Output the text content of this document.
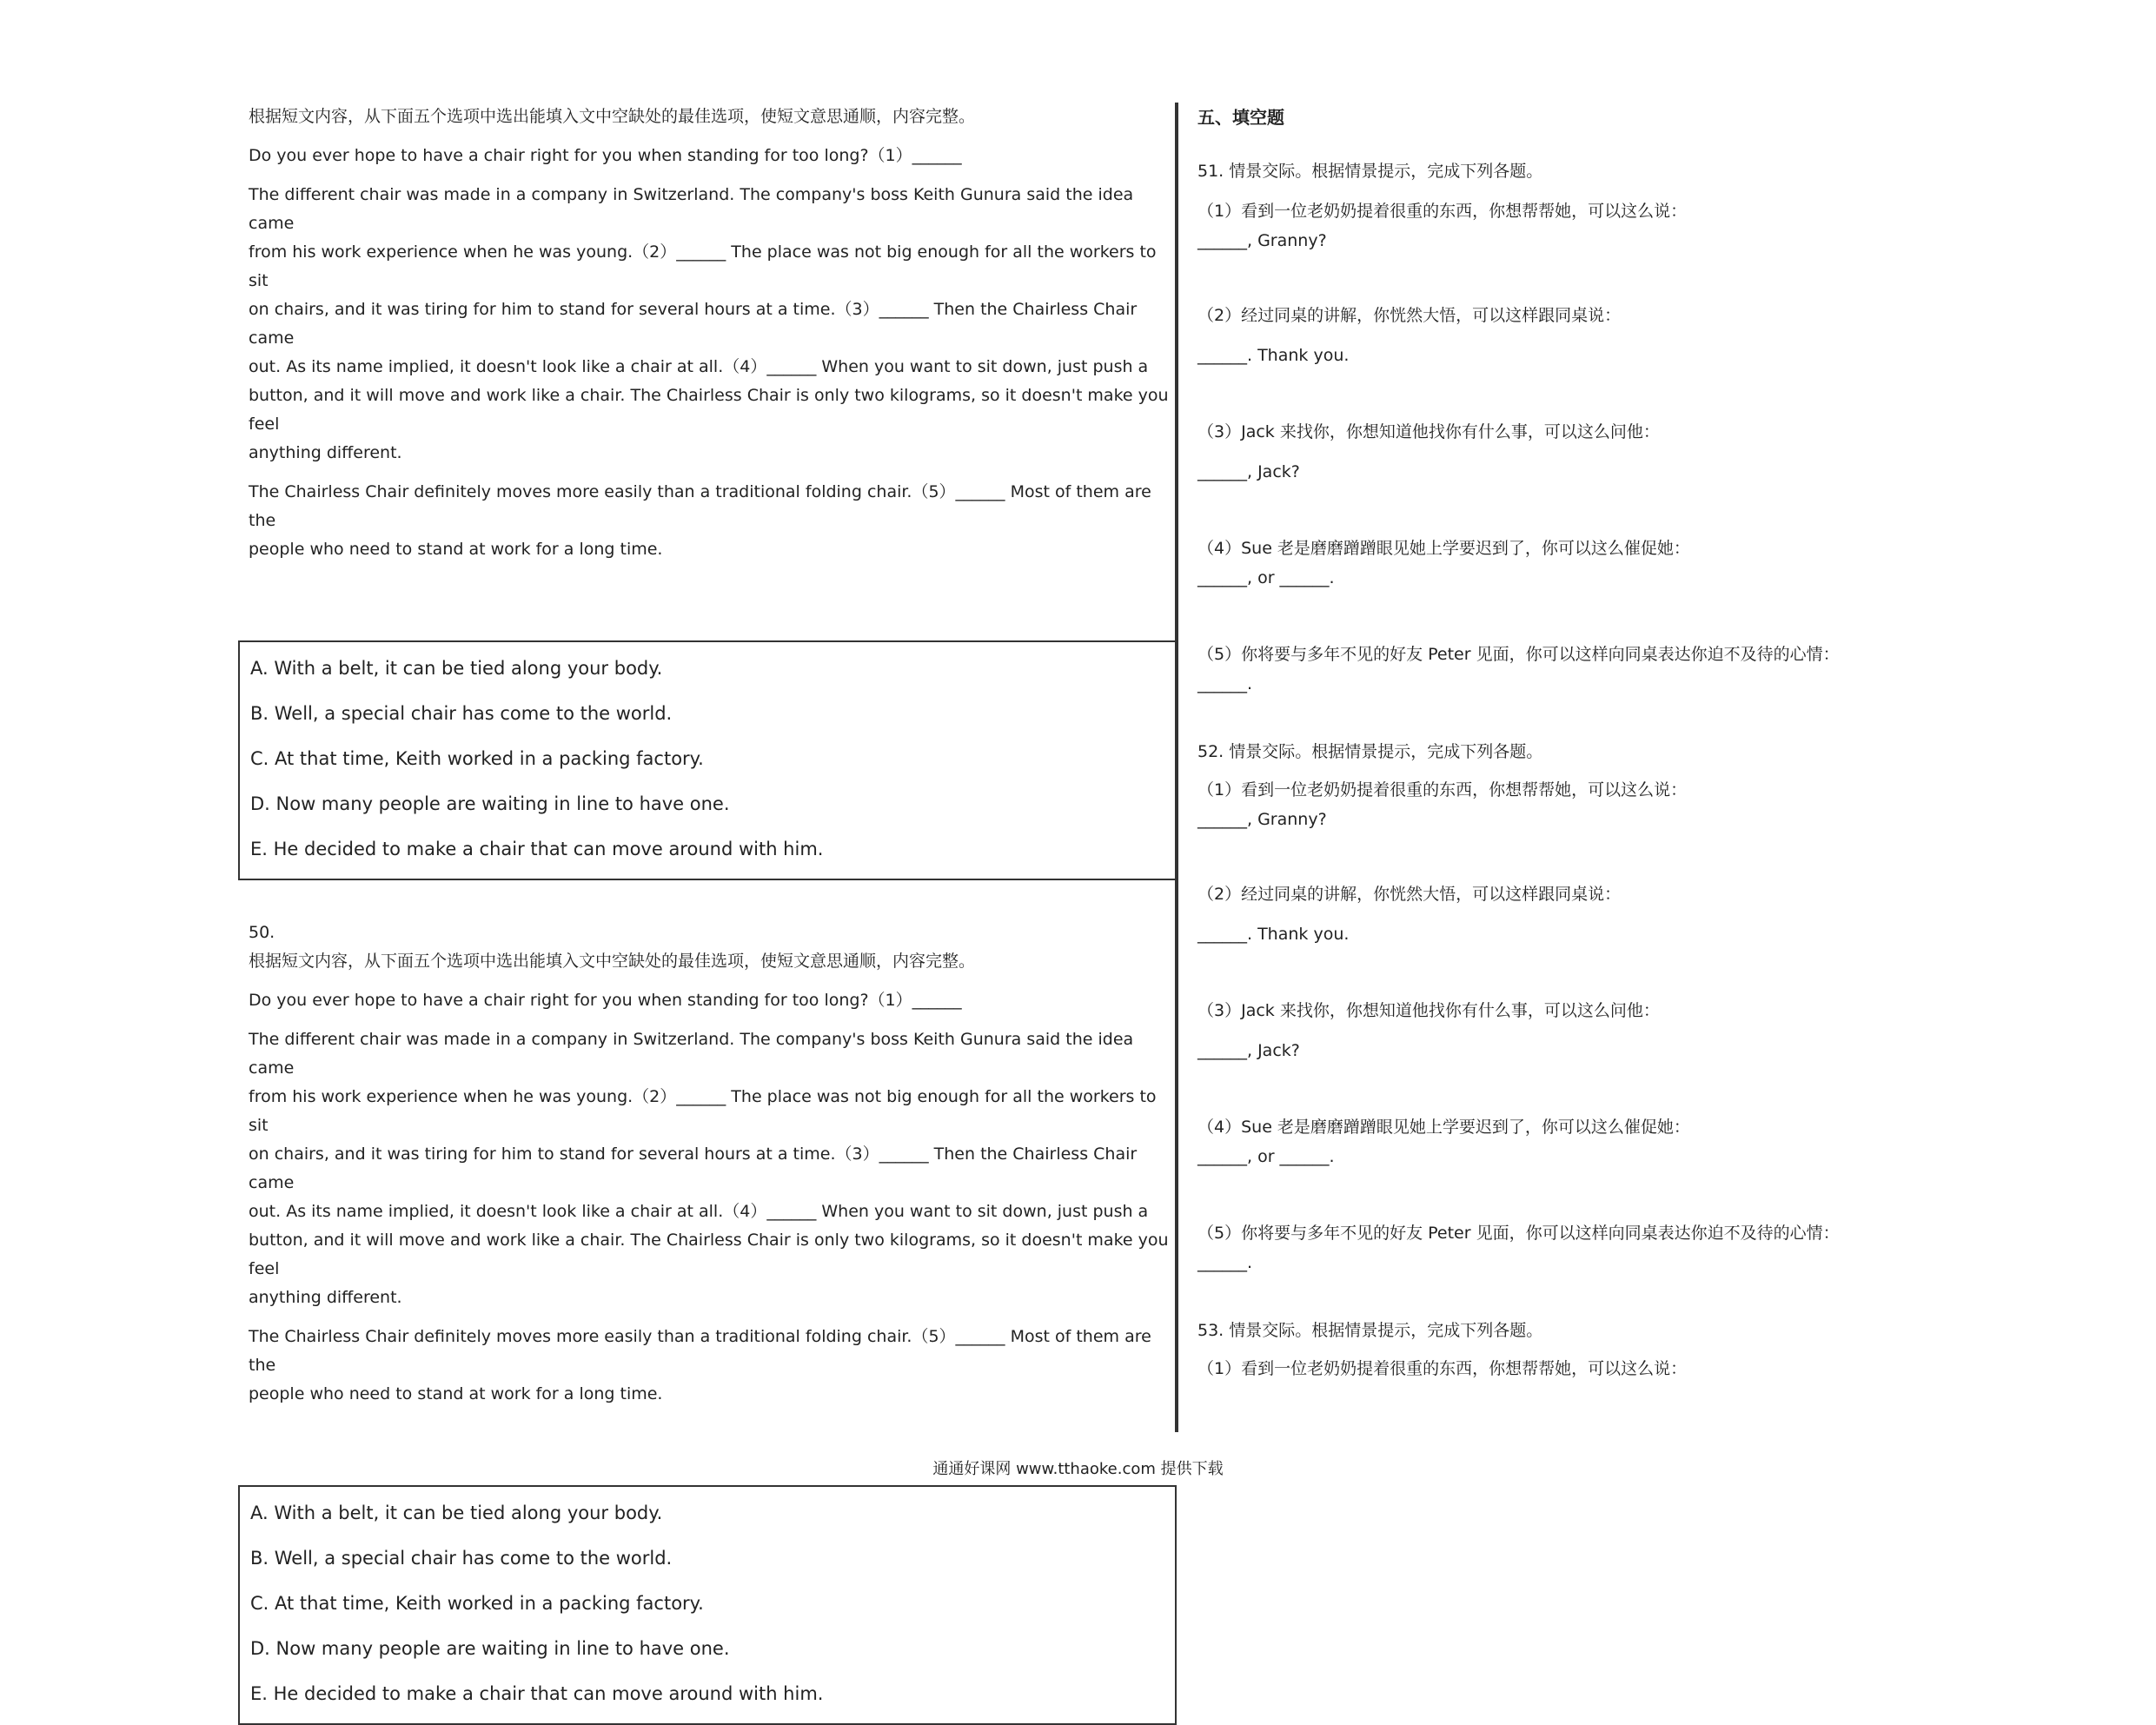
根据短文内容，从下面五个选项中选出能填入文中空缺处的最佳选项，使短文意思通顺，内容完整。

Do you ever hope to have a chair right for you when standing for too long?（1）______

The different chair was made in a company in Switzerland. The company's boss Keith Gunura said the idea came

from his work experience when he was young.（2）______ The place was not big enough for all the workers to sit

on chairs, and it was tiring for him to stand for several hours at a time.（3）______ Then the Chairless Chair came

out. As its name implied, it doesn't look like a chair at all.（4）______ When you want to sit down, just push a

button, and it will move and work like a chair. The Chairless Chair is only two kilograms, so it doesn't make you feel

anything different.

The Chairless Chair definitely moves more easily than a traditional folding chair.（5）______ Most of them are the

people who need to stand at work for a long time.

A. With a belt, it can be tied along your body.

B. Well, a special chair has come to the world.

C. At that time, Keith worked in a packing factory.

D. Now many people are waiting in line to have one.

E. He decided to make a chair that can move around with him.

50.

根据短文内容，从下面五个选项中选出能填入文中空缺处的最佳选项，使短文意思通顺，内容完整。

Do you ever hope to have a chair right for you when standing for too long?（1）______

The different chair was made in a company in Switzerland. The company's boss Keith Gunura said the idea came

from his work experience when he was young.（2）______ The place was not big enough for all the workers to sit

on chairs, and it was tiring for him to stand for several hours at a time.（3）______ Then the Chairless Chair came

out. As its name implied, it doesn't look like a chair at all.（4）______ When you want to sit down, just push a

button, and it will move and work like a chair. The Chairless Chair is only two kilograms, so it doesn't make you feel

anything different.

The Chairless Chair definitely moves more easily than a traditional folding chair.（5）______ Most of them are the

people who need to stand at work for a long time.

A. With a belt, it can be tied along your body.

B. Well, a special chair has come to the world.

C. At that time, Keith worked in a packing factory.

D. Now many people are waiting in line to have one.

E. He decided to make a chair that can move around with him.

五、填空题

51. 情景交际。根据情景提示，完成下列各题。

（1）看到一位老奶奶提着很重的东西，你想帮帮她，可以这么说：

______, Granny?

（2）经过同桌的讲解，你恍然大悟，可以这样跟同桌说：

______. Thank you.

（3）Jack 来找你，你想知道他找你有什么事，可以这么问他：

______, Jack?

（4）Sue 老是磨磨蹭蹭眼见她上学要迟到了，你可以这么催促她：

______, or ______.

（5）你将要与多年不见的好友 Peter 见面，你可以这样向同桌表达你迫不及待的心情：

______.

52. 情景交际。根据情景提示，完成下列各题。

（1）看到一位老奶奶提着很重的东西，你想帮帮她，可以这么说：

______, Granny?

（2）经过同桌的讲解，你恍然大悟，可以这样跟同桌说：

______. Thank you.

（3）Jack 来找你，你想知道他找你有什么事，可以这么问他：

______, Jack?

（4）Sue 老是磨磨蹭蹭眼见她上学要迟到了，你可以这么催促她：

______, or ______.

（5）你将要与多年不见的好友 Peter 见面，你可以这样向同桌表达你迫不及待的心情：

______.

53. 情景交际。根据情景提示，完成下列各题。

（1）看到一位老奶奶提着很重的东西，你想帮帮她，可以这么说：

通通好课网 www.tthaoke.com 提供下载
